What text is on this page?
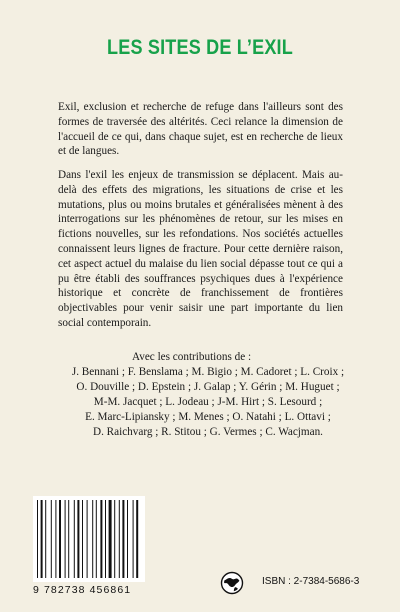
LES SITES DE L’EXIL
Exil, exclusion et recherche de refuge dans l'ailleurs sont des formes de traversée des altérités. Ceci relance la dimension de l'accueil de ce qui, dans chaque sujet, est en recherche de lieux et de langues.
Dans l'exil les enjeux de transmission se déplacent. Mais au-delà des effets des migrations, les situations de crise et les mutations, plus ou moins brutales et généralisées mènent à des interrogations sur les phénomènes de retour, sur les mises en fictions nouvelles, sur les refondations. Nos sociétés actuelles connaissent leurs lignes de fracture. Pour cette dernière raison, cet aspect actuel du malaise du lien social dépasse tout ce qui a pu être établi des souffrances psychiques dues à l'expérience historique et concrète de franchissement de frontières objectivables pour venir saisir une part importante du lien social contemporain.
Avec les contributions de :
J. Bennani ; F. Benslama ; M. Bigio ; M. Cadoret ; L. Croix ;
O. Douville ; D. Epstein ; J. Galap ; Y. Gérin ; M. Huguet ;
M-M. Jacquet ; L. Jodeau ; J-M. Hirt ; S. Lesourd ;
E. Marc-Lipiansky ; M. Menes ; O. Natahi ; L. Ottavi ;
D. Raichvarg ; R. Stitou ; G. Vermes ; C. Wacjman.
9 782738 456861
ISBN : 2-7384-5686-3
